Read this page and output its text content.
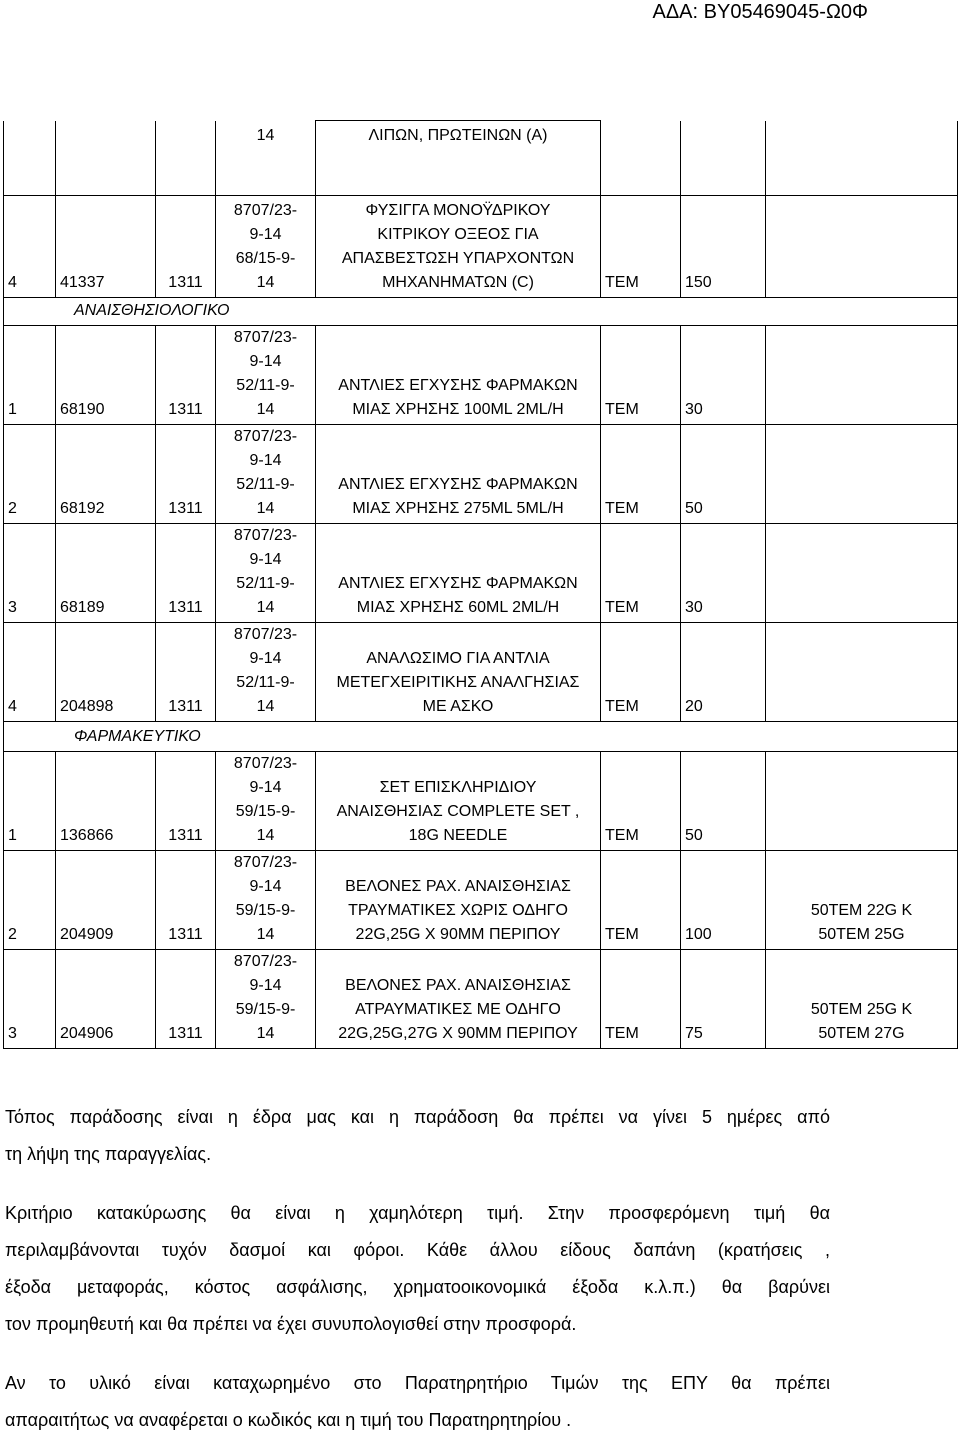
ΑΔΑ: ΒΥ05469045-Ω0Φ
			14	ΛΙΠΩΝ, ΠΡΩΤΕΙΝΩΝ (Α)			
4	41337	1311	8707/23-
9-14
68/15-9-
14	ΦΥΣΙΓΓΑ ΜΟΝΟΫΔΡΙΚΟΥ
ΚΙΤΡΙΚΟΥ ΟΞΕΟΣ ΓΙΑ
ΑΠΑΣΒΕΣΤΩΣΗ ΥΠΑΡΧΟΝΤΩΝ
ΜΗΧΑΝΗΜΑΤΩΝ (C)	ΤΕΜ	150	
ΑΝΑΙΣΘΗΣΙΟΛΟΓΙΚΟ							
1	68190	1311	8707/23-
9-14
52/11-9-
14	ΑΝΤΛΙΕΣ ΕΓΧΥΣΗΣ ΦΑΡΜΑΚΩΝ
ΜΙΑΣ ΧΡΗΣΗΣ 100ML 2ML/H	ΤΕΜ	30	
2	68192	1311	8707/23-
9-14
52/11-9-
14	ΑΝΤΛΙΕΣ ΕΓΧΥΣΗΣ ΦΑΡΜΑΚΩΝ
ΜΙΑΣ ΧΡΗΣΗΣ 275ML 5ML/H	ΤΕΜ	50	
3	68189	1311	8707/23-
9-14
52/11-9-
14	ΑΝΤΛΙΕΣ ΕΓΧΥΣΗΣ ΦΑΡΜΑΚΩΝ
ΜΙΑΣ ΧΡΗΣΗΣ 60ML 2ML/H	ΤΕΜ	30	
4	204898	1311	8707/23-
9-14
52/11-9-
14	ΑΝΑΛΩΣΙΜΟ ΓΙΑ ΑΝΤΛΙΑ
ΜΕΤΕΓΧΕΙΡΙΤΙΚΗΣ ΑΝΑΛΓΗΣΙΑΣ
ΜΕ ΑΣΚΟ	ΤΕΜ	20	
ΦΑΡΜΑΚΕΥΤΙΚΟ							
1	136866	1311	8707/23-
9-14
59/15-9-
14	ΣΕΤ ΕΠΙΣΚΛΗΡΙΔΙΟΥ
ΑΝΑΙΣΘΗΣΙΑΣ COMPLETE SET ,
18G NEEDLE	ΤΕΜ	50	
2	204909	1311	8707/23-
9-14
59/15-9-
14	ΒΕΛΟΝΕΣ ΡΑΧ. ΑΝΑΙΣΘΗΣΙΑΣ
ΤΡΑΥΜΑΤΙΚΕΣ ΧΩΡΙΣ ΟΔΗΓΟ
22G,25G Χ 90ΜΜ ΠΕΡΙΠΟΥ	ΤΕΜ	100	50ΤΕΜ 22G Κ
50ΤΕΜ 25G
3	204906	1311	8707/23-
9-14
59/15-9-
14	ΒΕΛΟΝΕΣ ΡΑΧ. ΑΝΑΙΣΘΗΣΙΑΣ
ΑΤΡΑΥΜΑΤΙΚΕΣ ΜΕ ΟΔΗΓΟ
22G,25G,27G Χ 90ΜΜ ΠΕΡΙΠΟΥ	ΤΕΜ	75	50ΤΕΜ 25G Κ
50ΤΕΜ 27G
Τόπος παράδοσης είναι η έδρα μας και η παράδοση θα πρέπει να γίνει 5 ημέρες από
τη λήψη της παραγγελίας.
Κριτήριο κατακύρωσης θα είναι η χαμηλότερη τιμή. Στην προσφερόμενη τιμή θα
περιλαμβάνονται τυχόν δασμοί και φόροι. Κάθε άλλου είδους δαπάνη (κρατήσεις ,
έξοδα μεταφοράς, κόστος ασφάλισης, χρηματοοικονομικά έξοδα κ.λ.π.) θα βαρύνει
τον προμηθευτή και θα πρέπει να έχει συνυπολογισθεί στην προσφορά.
Αν το υλικό είναι καταχωρημένο στο Παρατηρητήριο Τιμών της ΕΠΥ θα πρέπει
απαραιτήτως να αναφέρεται ο κωδικός και η τιμή του Παρατηρητηρίου .
